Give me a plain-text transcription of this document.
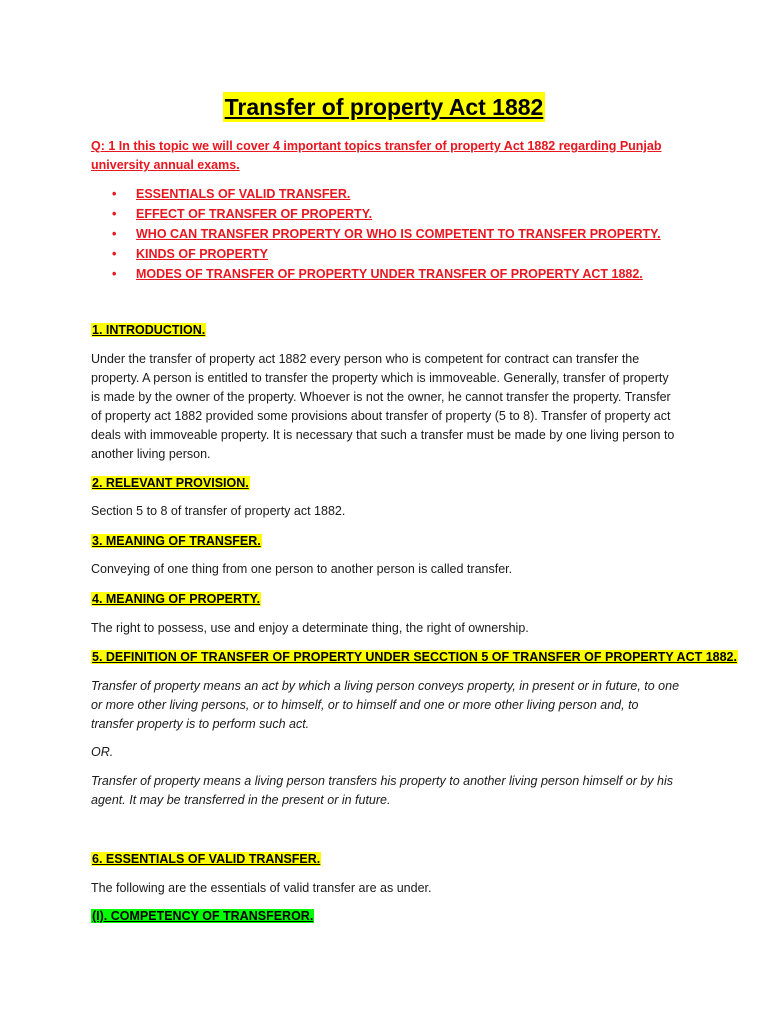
Transfer of property Act 1882

Q: 1 In this topic we will cover 4 important topics transfer of property Act 1882 regarding Punjab university annual exams.

• ESSENTIALS OF VALID TRANSFER.
• EFFECT OF TRANSFER OF PROPERTY.
• WHO CAN TRANSFER PROPERTY OR WHO IS COMPETENT TO TRANSFER PROPERTY.
• KINDS OF PROPERTY
• MODES OF TRANSFER OF PROPERTY UNDER TRANSFER OF PROPERTY ACT 1882.

1. INTRODUCTION.

Under the transfer of property act 1882 every person who is competent for contract can transfer the property. A person is entitled to transfer the property which is immoveable. Generally, transfer of property is made by the owner of the property. Whoever is not the owner, he cannot transfer the property. Transfer of property act 1882 provided some provisions about transfer of property (5 to 8). Transfer of property act deals with immoveable property. It is necessary that such a transfer must be made by one living person to another living person.

2. RELEVANT PROVISION.

Section 5 to 8 of transfer of property act 1882.

3. MEANING OF TRANSFER.

Conveying of one thing from one person to another person is called transfer.

4. MEANING OF PROPERTY.

The right to possess, use and enjoy a determinate thing, the right of ownership.

5. DEFINITION OF TRANSFER OF PROPERTY UNDER SECCTION 5 OF TRANSFER OF PROPERTY ACT 1882.

Transfer of property means an act by which a living person conveys property, in present or in future, to one or more other living persons, or to himself, or to himself and one or more other living person and, to transfer property is to perform such act.

OR.

Transfer of property means a living person transfers his property to another living person himself or by his agent. It may be transferred in the present or in future.

6. ESSENTIALS OF VALID TRANSFER.

The following are the essentials of valid transfer are as under.

(I). COMPETENCY OF TRANSFEROR.
